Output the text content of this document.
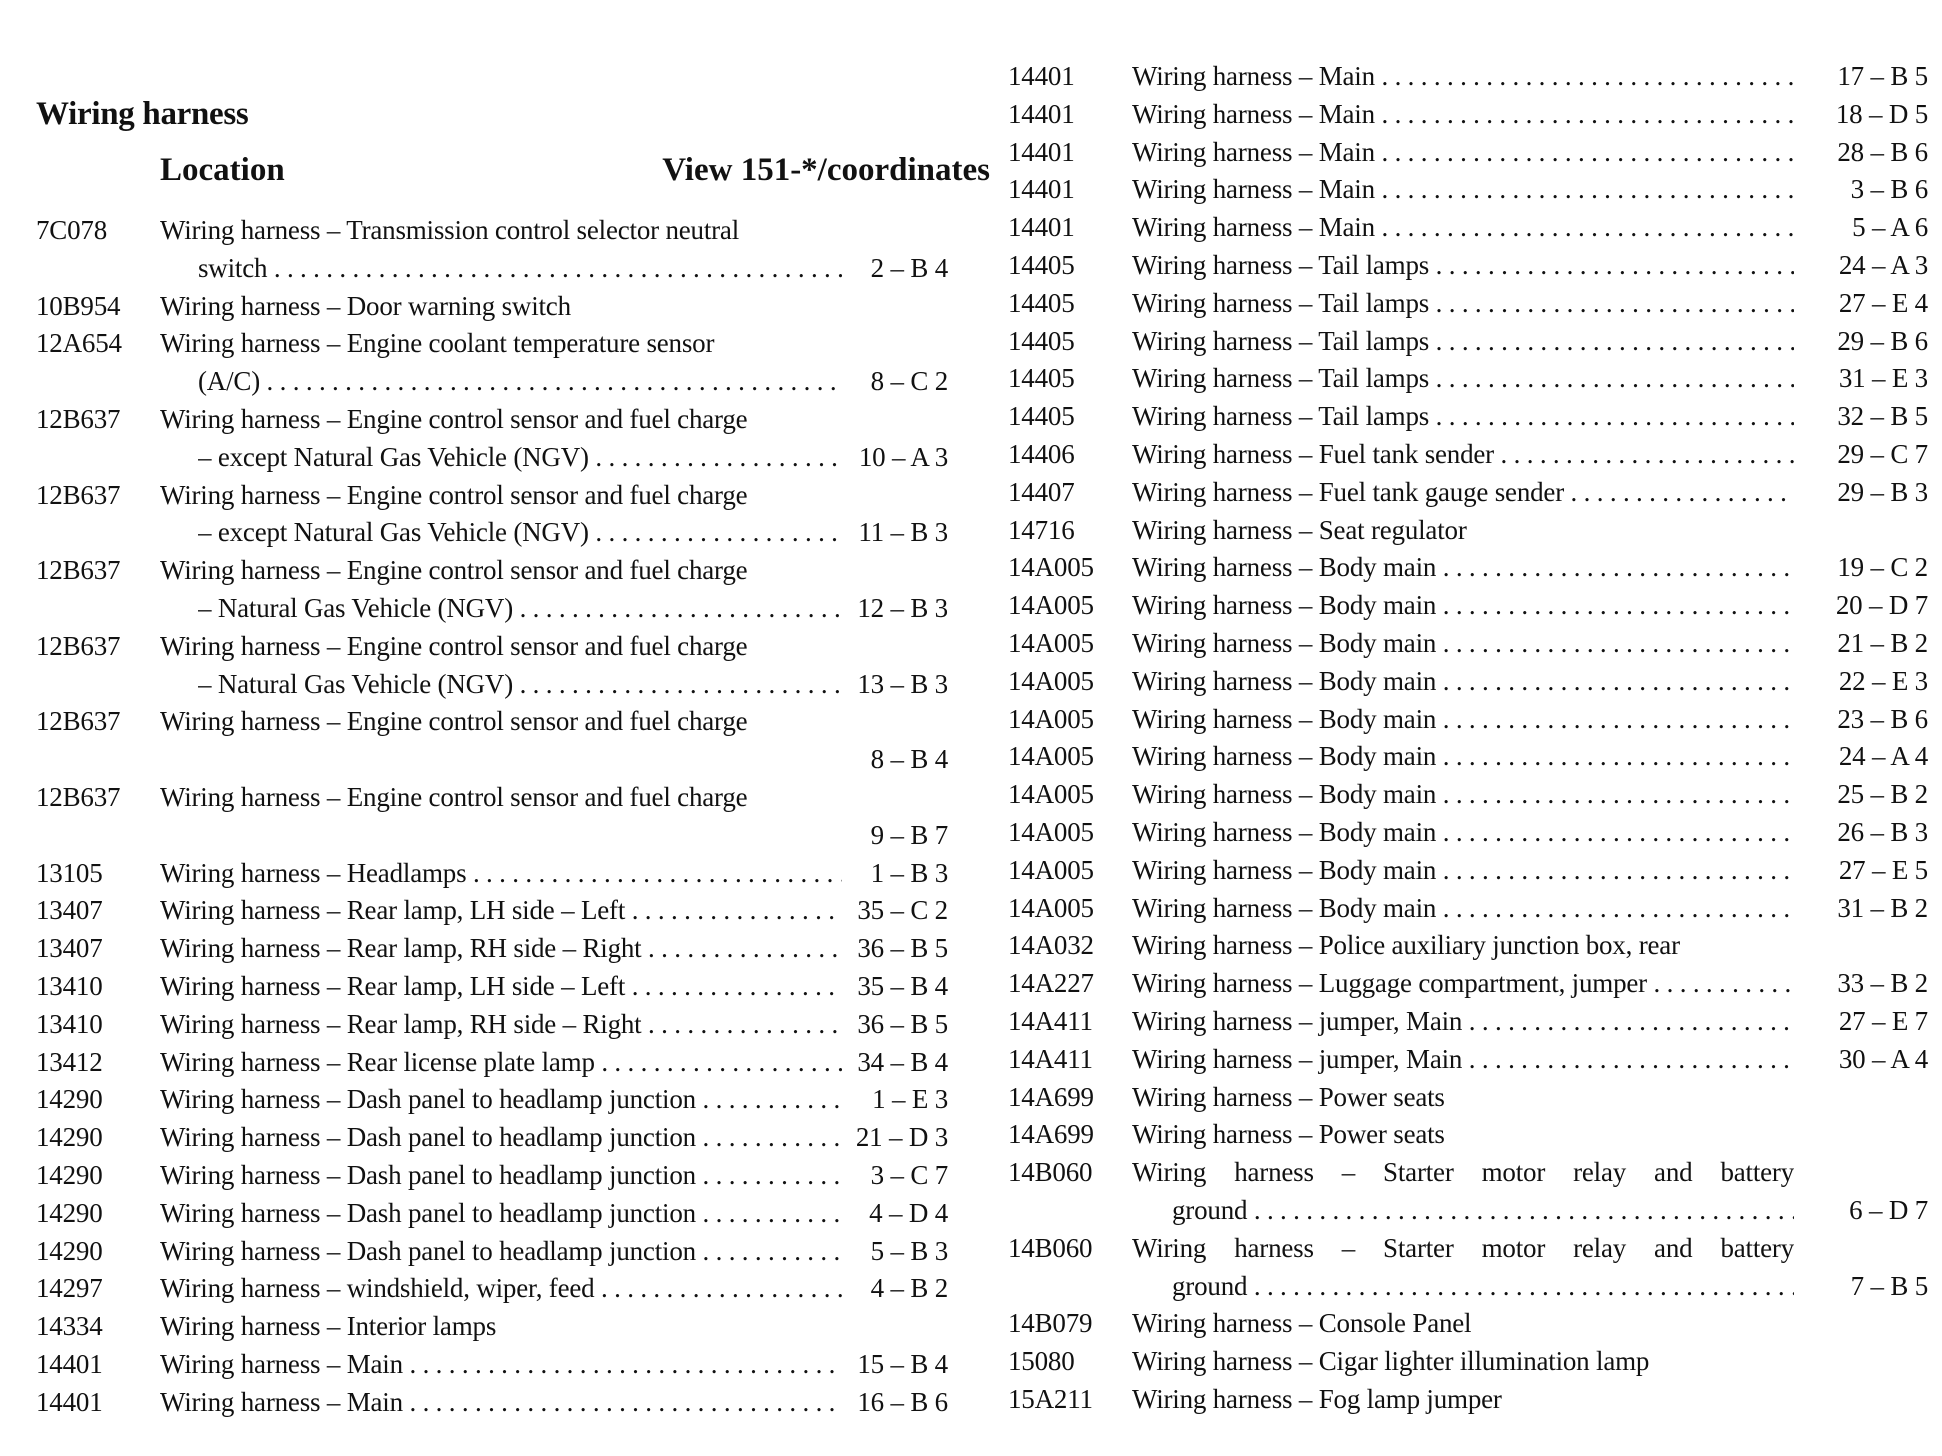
Wiring harness
Location	View 151-*/coordinates
7C078	Wiring harness – Transmission control selector neutral
switch . . .	2 – B 4
10B954	Wiring harness – Door warning switch
12A654	Wiring harness – Engine coolant temperature sensor
(A/C) . . .	8 – C 2
12B637	Wiring harness – Engine control sensor and fuel charge
– except Natural Gas Vehicle (NGV) . . .	10 – A 3
12B637	Wiring harness – Engine control sensor and fuel charge
– except Natural Gas Vehicle (NGV) . . .	11 – B 3
12B637	Wiring harness – Engine control sensor and fuel charge
– Natural Gas Vehicle (NGV) . . .	12 – B 3
12B637	Wiring harness – Engine control sensor and fuel charge
– Natural Gas Vehicle (NGV) . . .	13 – B 3
12B637	Wiring harness – Engine control sensor and fuel charge
8 – B 4
12B637	Wiring harness – Engine control sensor and fuel charge
9 – B 7
13105	Wiring harness – Headlamps . . .	1 – B 3
13407	Wiring harness – Rear lamp, LH side – Left . . .	35 – C 2
13407	Wiring harness – Rear lamp, RH side – Right . . .	36 – B 5
13410	Wiring harness – Rear lamp, LH side – Left . . .	35 – B 4
13410	Wiring harness – Rear lamp, RH side – Right . . .	36 – B 5
13412	Wiring harness – Rear license plate lamp . . .	34 – B 4
14290	Wiring harness – Dash panel to headlamp junction . . .	1 – E 3
14290	Wiring harness – Dash panel to headlamp junction . . .	21 – D 3
14290	Wiring harness – Dash panel to headlamp junction . . .	3 – C 7
14290	Wiring harness – Dash panel to headlamp junction . . .	4 – D 4
14290	Wiring harness – Dash panel to headlamp junction . . .	5 – B 3
14297	Wiring harness – windshield, wiper, feed . . .	4 – B 2
14334	Wiring harness – Interior lamps
14401	Wiring harness – Main . . .	15 – B 4
14401	Wiring harness – Main . . .	16 – B 6
14401	Wiring harness – Main . . .	17 – B 5
14401	Wiring harness – Main . . .	18 – D 5
14401	Wiring harness – Main . . .	28 – B 6
14401	Wiring harness – Main . . .	3 – B 6
14401	Wiring harness – Main . . .	5 – A 6
14405	Wiring harness – Tail lamps . . .	24 – A 3
14405	Wiring harness – Tail lamps . . .	27 – E 4
14405	Wiring harness – Tail lamps . . .	29 – B 6
14405	Wiring harness – Tail lamps . . .	31 – E 3
14405	Wiring harness – Tail lamps . . .	32 – B 5
14406	Wiring harness – Fuel tank sender . . .	29 – C 7
14407	Wiring harness – Fuel tank gauge sender . . .	29 – B 3
14716	Wiring harness – Seat regulator
14A005	Wiring harness – Body main . . .	19 – C 2
14A005	Wiring harness – Body main . . .	20 – D 7
14A005	Wiring harness – Body main . . .	21 – B 2
14A005	Wiring harness – Body main . . .	22 – E 3
14A005	Wiring harness – Body main . . .	23 – B 6
14A005	Wiring harness – Body main . . .	24 – A 4
14A005	Wiring harness – Body main . . .	25 – B 2
14A005	Wiring harness – Body main . . .	26 – B 3
14A005	Wiring harness – Body main . . .	27 – E 5
14A005	Wiring harness – Body main . . .	31 – B 2
14A032	Wiring harness – Police auxiliary junction box, rear
14A227	Wiring harness – Luggage compartment, jumper . . .	33 – B 2
14A411	Wiring harness – jumper, Main . . .	27 – E 7
14A411	Wiring harness – jumper, Main . . .	30 – A 4
14A699	Wiring harness – Power seats
14A699	Wiring harness – Power seats
14B060	Wiring harness – Starter motor relay and battery
ground . . .	6 – D 7
14B060	Wiring harness – Starter motor relay and battery
ground . . .	7 – B 5
14B079	Wiring harness – Console Panel
15080	Wiring harness – Cigar lighter illumination lamp
15A211	Wiring harness – Fog lamp jumper
